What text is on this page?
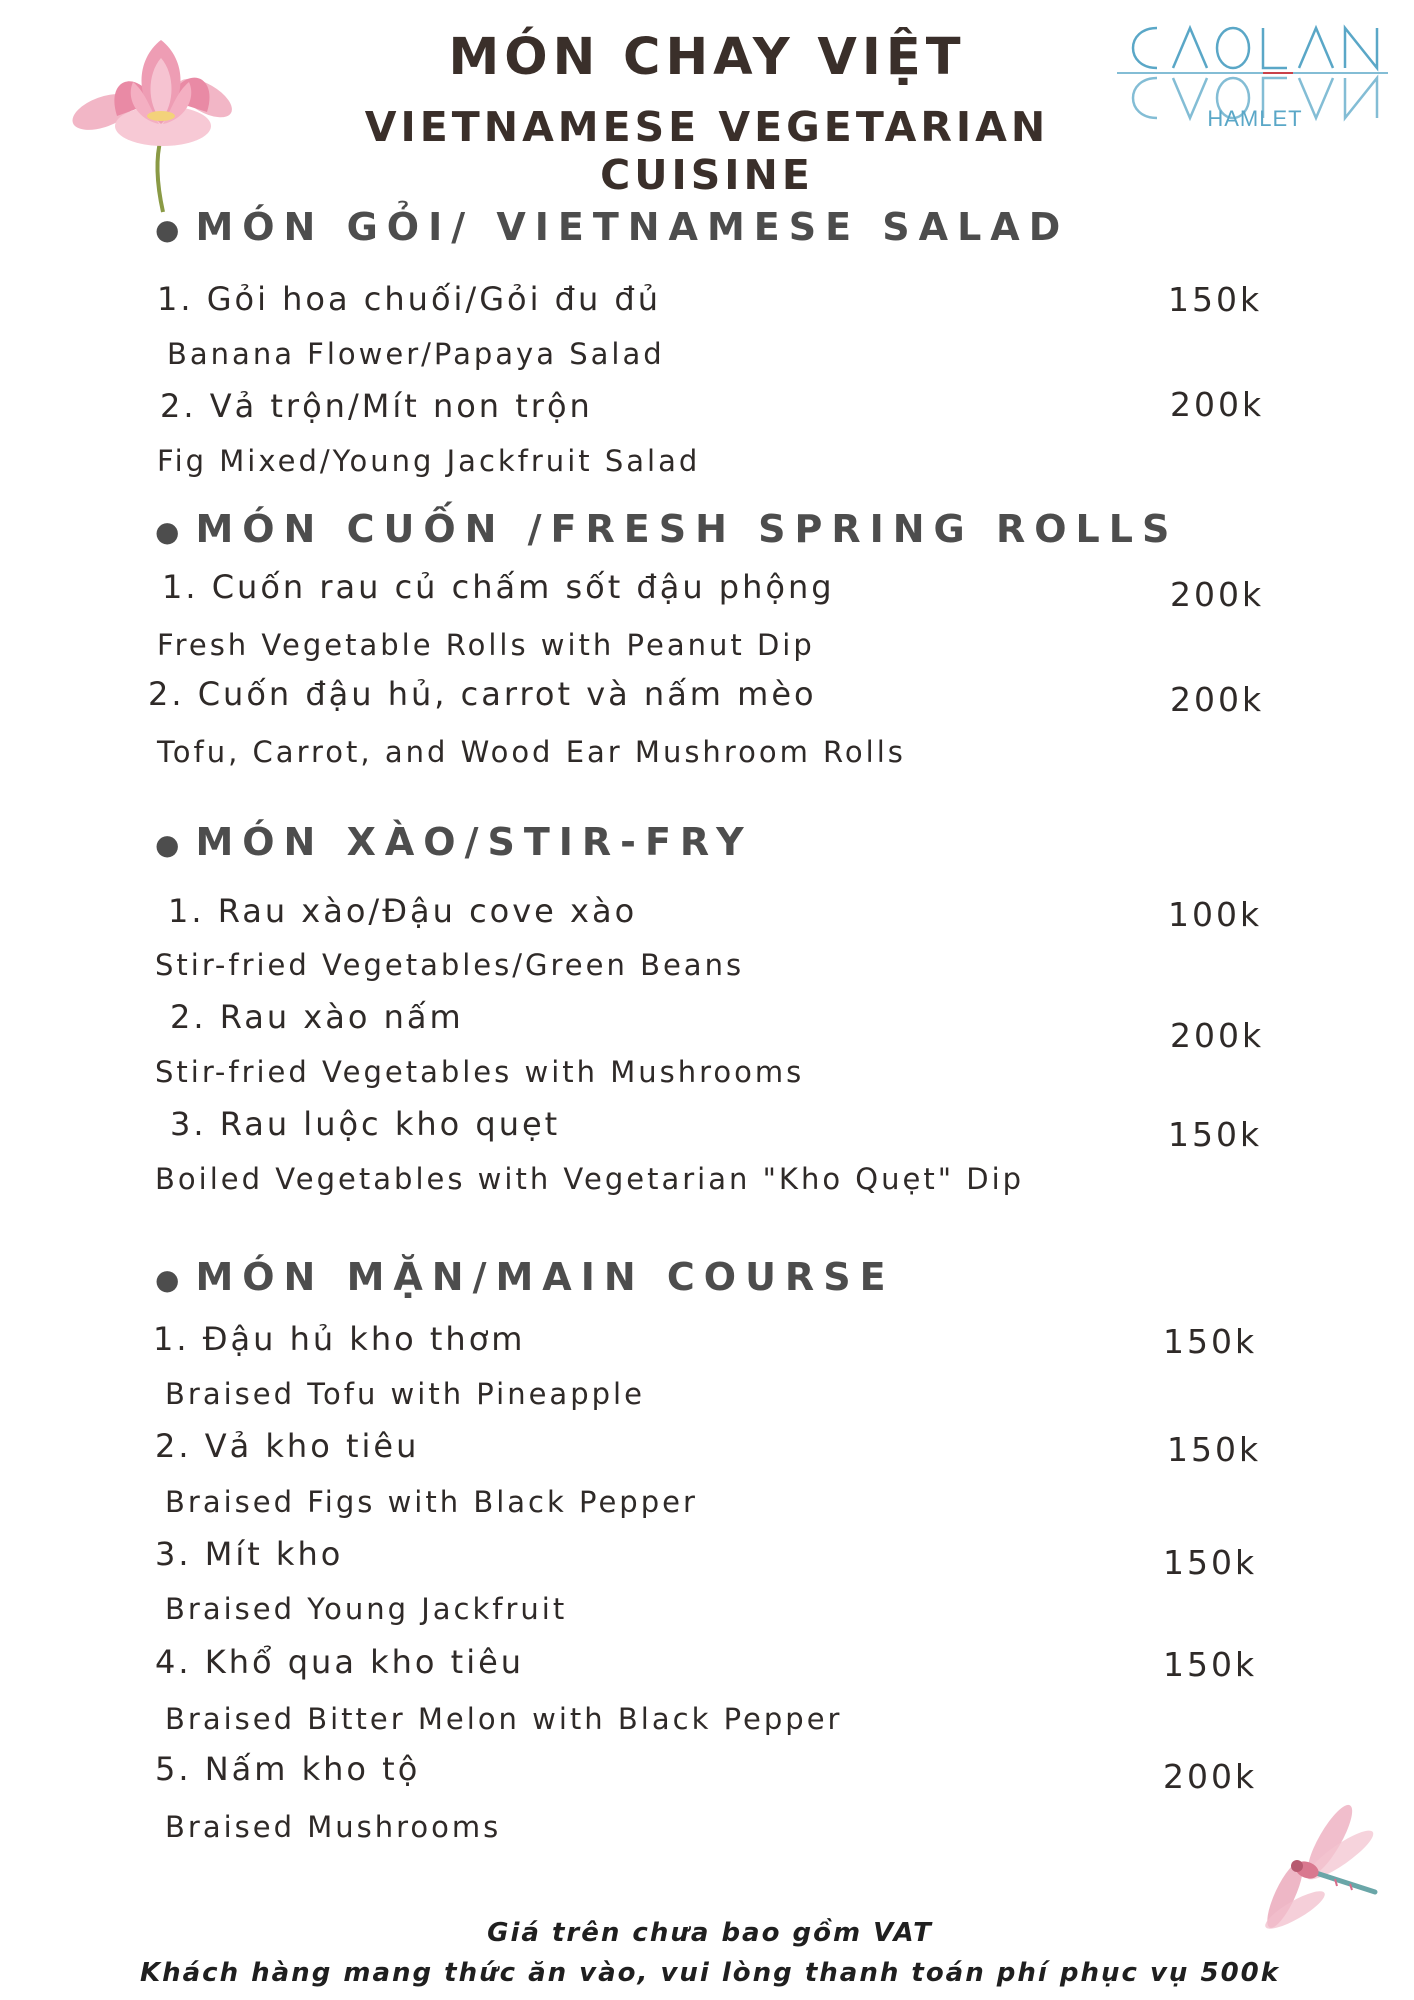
MÓN CHAY VIỆT
VIETNAMESE VEGETARIAN CUISINE
HAMLET
● MÓN GỎI/ VIETNAMESE SALAD
1. Gỏi hoa chuối/Gỏi đu đủ	150k
Banana Flower/Papaya Salad
2. Vả trộn/Mít non trộn	200k
Fig Mixed/Young Jackfruit Salad
● MÓN CUỐN /FRESH SPRING ROLLS
1. Cuốn rau củ chấm sốt đậu phộng	200k
Fresh Vegetable Rolls with Peanut Dip
2. Cuốn đậu hủ, carrot và nấm mèo	200k
Tofu, Carrot, and Wood Ear Mushroom Rolls
● MÓN XÀO/STIR-FRY
1. Rau xào/Đậu cove xào	100k
Stir-fried Vegetables/Green Beans
2. Rau xào nấm	200k
Stir-fried Vegetables with Mushrooms
3. Rau luộc kho quẹt	150k
Boiled Vegetables with Vegetarian "Kho Quẹt" Dip
● MÓN MẶN/MAIN COURSE
1. Đậu hủ kho thơm	150k
Braised Tofu with Pineapple
2. Vả kho tiêu	150k
Braised Figs with Black Pepper
3. Mít kho	150k
Braised Young Jackfruit
4. Khổ qua kho tiêu	150k
Braised Bitter Melon with Black Pepper
5. Nấm kho tộ	200k
Braised Mushrooms
Giá trên chưa bao gồm VAT
Khách hàng mang thức ăn vào, vui lòng thanh toán phí phục vụ 500k
